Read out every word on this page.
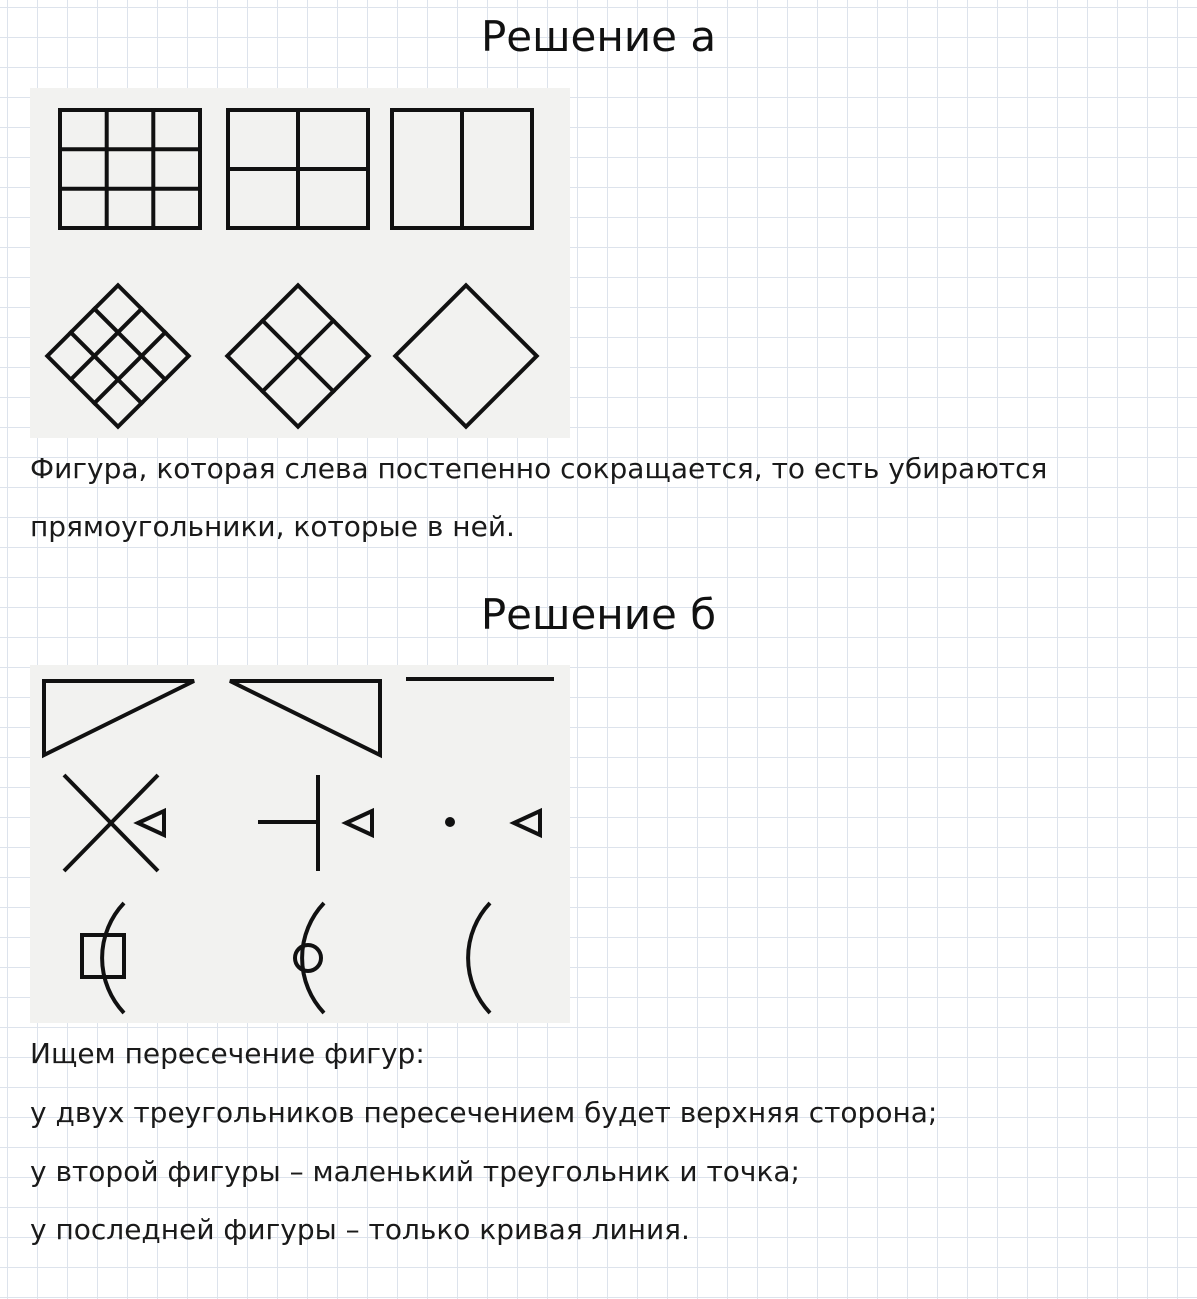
Решение а

Фигура, которая слева постепенно сокращается, то есть убираются

прямоугольники, которые в ней.

Решение б

Ищем пересечение фигур:

у двух треугольников пересечением будет верхняя сторона;

у второй фигуры – маленький треугольник и точка;

у последней фигуры – только кривая линия.
